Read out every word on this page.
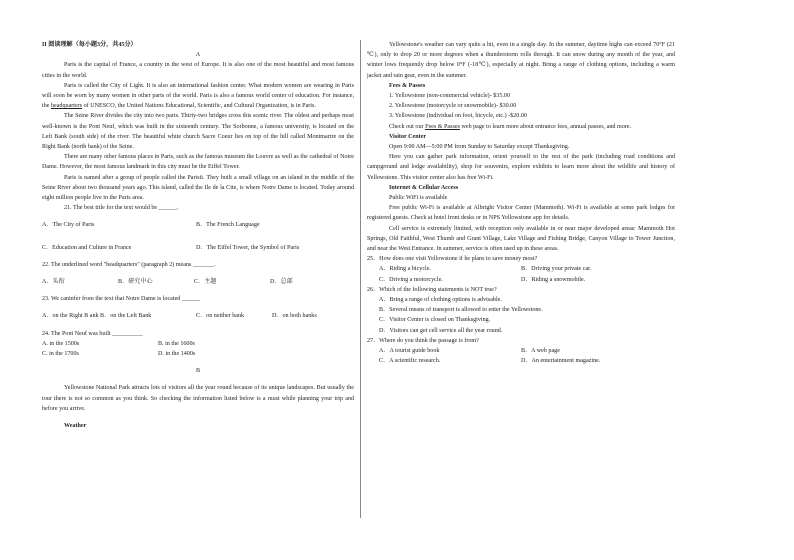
II 阅读理解（每小题3分，共45分）

A

Paris is the capital of France, a country in the west of Europe. It is also one of the most beautiful and most famous cities in the world.

Paris is called the City of Light. It is also an international fashion center. What modern women are wearing in Paris will soon be worn by many women in other parts of the world. Paris is also a famous world center of education. For instance, the headquarters of UNESCO, the United Nations Educational, Scientific, and Cultural Organization, is in Paris.

The Seine River divides the city into two parts. Thirty-two bridges cross this scenic river. The oldest and perhaps most well-known is the Pont Neuf, which was built in the sixteenth century. The Sorbonne, a famous university, is located on the Left Bank (south side) of the river. The beautiful white church Sacre Coeur lies on top of the hill called Montmartre on the Right Bank (north bank) of the Seine.

There are many other famous places in Paris, such as the famous museum the Louvre as well as the cathedral of Notre Dame. However, the most famous landmark in this city must be the Eiffel Tower.

Paris is named after a group of people called the Parisii. They built a small village on an island in the middle of the Seine River about two thousand years ago. This island, called the Ile de la Cite, is where Notre Dame is located. Today around eight million people live in the Paris area.

21. The best title for the text would be ______.

A．The City of Paris	B．The French Language
C．Education and Culture in France	D．The Eiffel Tower, the Symbol of Paris

22. The underlined word "headquarters" (paragraph 2) means _______.

A．头衔	B．研究中心	C．主题	D．总部

23. We caninfer from the text that Notre Dame is located ______

A．on the Right B ank B．on the Left Bank	C．on neither bank	D．on both banks

24. The Pont Neuf was built __________

A. in the 1500s	B. in the 1600s
C. in the 1700s	D. in the 1400s

B

Yellowstone National Park attracts lots of visitors all the year round because of its unique landscapes. But usually the tour there is not so common as you think. So checking the information listed below is a must while planning your trip and before you arrive.

Weather

Yellowstone's weather can vary quite a bit, even in a single day. In the summer, daytime highs can exceed 70°F (21 ℃), only to drop 20 or more degrees when a thunderstorm rolls through. It can snow during any month of the year, and winter lows frequently drop below 0°F (-18℃), especially at night. Bring a range of clothing options, including a warm jacket and rain gear, even in the summer.

Fees & Passes

1. Yellowstone (non-commercial vehicle)- $35.00

2. Yellowstone (motorcycle or snowmobile)- $30.00

3. Yellowstone (individual on foot, bicycle, etc.) -$20.00

Check out our Fees & Passes web page to learn more about entrance fees, annual passes, and more.

Visitor Center

Open 9:00 AM—5:00 PM from Sunday to Saturday except Thanksgiving.

Here you can gather park information, orient yourself to the rest of the park (including road conditions and campground and lodge availability), shop for souvenirs, explore exhibits to learn more about the wildlife and history of Yellowstone. This visitor center also has free Wi-Fi.

Internet & Cellular Access

Public WiFi is available

Free public Wi-Fi is available at Albright Visitor Center (Mammoth). Wi-Fi is available at some park lodges for registered guests. Check at hotel front desks or in NPS Yellowstone app for details.

Cell service is extremely limited, with reception only available in or near major developed areas: Mammoth Hot Springs, Old Faithful, West Thumb and Grant Village, Lake Village and Fishing Bridge, Canyon Village to Tower Junction, and near the West Entrance. In summer, service is often used up in these areas.

25．How does one visit Yellowstone if he plans to save money most?

A．Riding a bicycle.	B．Driving your private car.
C．Driving a motorcycle.	D．Riding a snowmobile.

26．Which of the following statements is NOT true?

A．Bring a range of clothing options is advisable.

B．Several means of transport is allowed to enter the Yellowstone.

C．Visitor Center is closed on Thanksgiving.

D．Visitors can get cell service all the year round.

27．Where do you think the passage is from?

A．A tourist guide book	B．A web page
C．A scientific research.	D．An entertainment magazine.
